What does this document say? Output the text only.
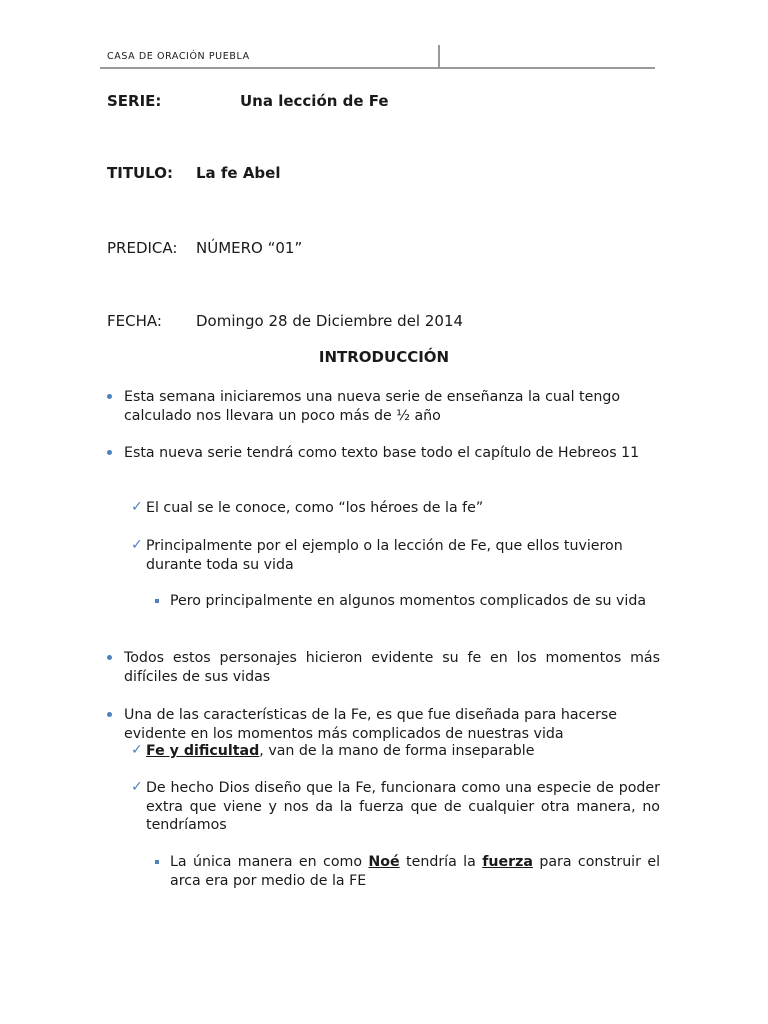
CASA DE ORACIÓN PUEBLA
SERIE:	Una lección de Fe
TITULO: La fe Abel
PREDICA: NÚMERO “01”
FECHA: Domingo 28 de Diciembre del 2014
INTRODUCCIÓN
Esta semana iniciaremos una nueva serie de enseñanza la cual tengo calculado nos llevara un poco más de ½ año
Esta nueva serie tendrá como texto base todo el capítulo de Hebreos 11
✓ El cual se le conoce, como “los héroes de la fe”
✓ Principalmente por el ejemplo o la lección de Fe, que ellos tuvieron durante toda su vida
Pero principalmente en algunos momentos complicados de su vida
Todos estos personajes hicieron evidente su fe en los momentos más difíciles de sus vidas
Una de las características de la Fe, es que fue diseñada para hacerse evidente en los momentos más complicados de nuestras vida
✓ Fe y dificultad, van de la mano de forma inseparable
✓ De hecho Dios diseño que la Fe, funcionara como una especie de poder extra que viene y nos da la fuerza que de cualquier otra manera, no tendríamos
La única manera en como Noé tendría la fuerza para construir el arca era por medio de la FE
